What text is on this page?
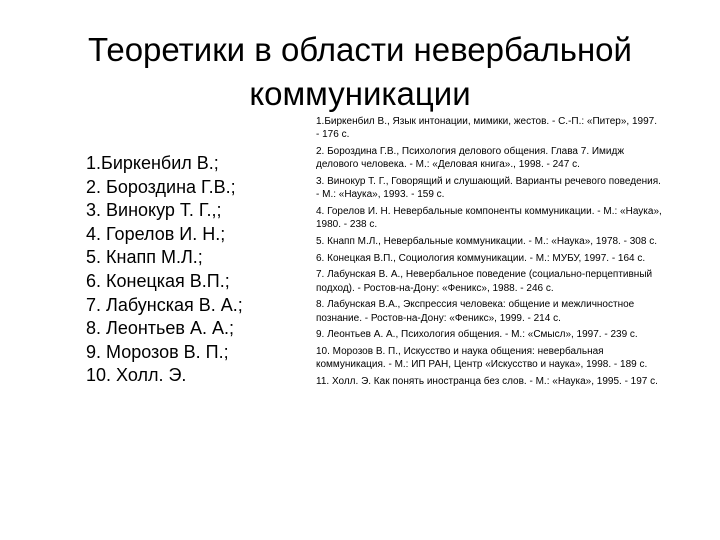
Теоретики в области невербальной
коммуникации
1.Биркенбил В.;
2. Бороздина Г.В.;
3. Винокур Т. Г.,;
4. Горелов И. Н.;
5. Кнапп М.Л.;
6. Конецкая В.П.;
7. Лабунская В. А.;
8. Леонтьев А. А.;
9. Морозов В. П.;
10. Холл. Э.
1.Биркенбил В., Язык интонации, мимики, жестов. - С.-П.: «Питер», 1997. - 176 с.
2. Бороздина Г.В., Психология делового общения. Глава 7. Имидж делового человека. - М.: «Деловая книга»., 1998. - 247 с.
3. Винокур Т. Г., Говорящий и слушающий. Варианты речевого поведения. - М.: «Наука», 1993. - 159 с.
4. Горелов И. Н. Невербальные компоненты коммуникации. - М.: «Наука», 1980. - 238 с.
5. Кнапп М.Л., Невербальные коммуникации. - М.: «Наука», 1978. - 308 с.
6. Конецкая В.П., Социология коммуникации. - М.: МУБУ, 1997. - 164 с.
7. Лабунская В. А., Невербальное поведение (социально-перцептивный подход). - Ростов-на-Дону: «Феникс», 1988. - 246 с.
8. Лабунская В.А., Экспрессия человека: общение и межличностное познание. - Ростов-на-Дону: «Феникс», 1999. - 214 с.
9. Леонтьев А. А., Психология общения. - М.: «Смысл», 1997. - 239 с.
10. Морозов В. П., Искусство и наука общения: невербальная коммуникация. - М.: ИП РАН, Центр «Искусство и наука», 1998. - 189 с.
11. Холл. Э. Как понять иностранца без слов. - М.: «Наука», 1995. - 197 с.
